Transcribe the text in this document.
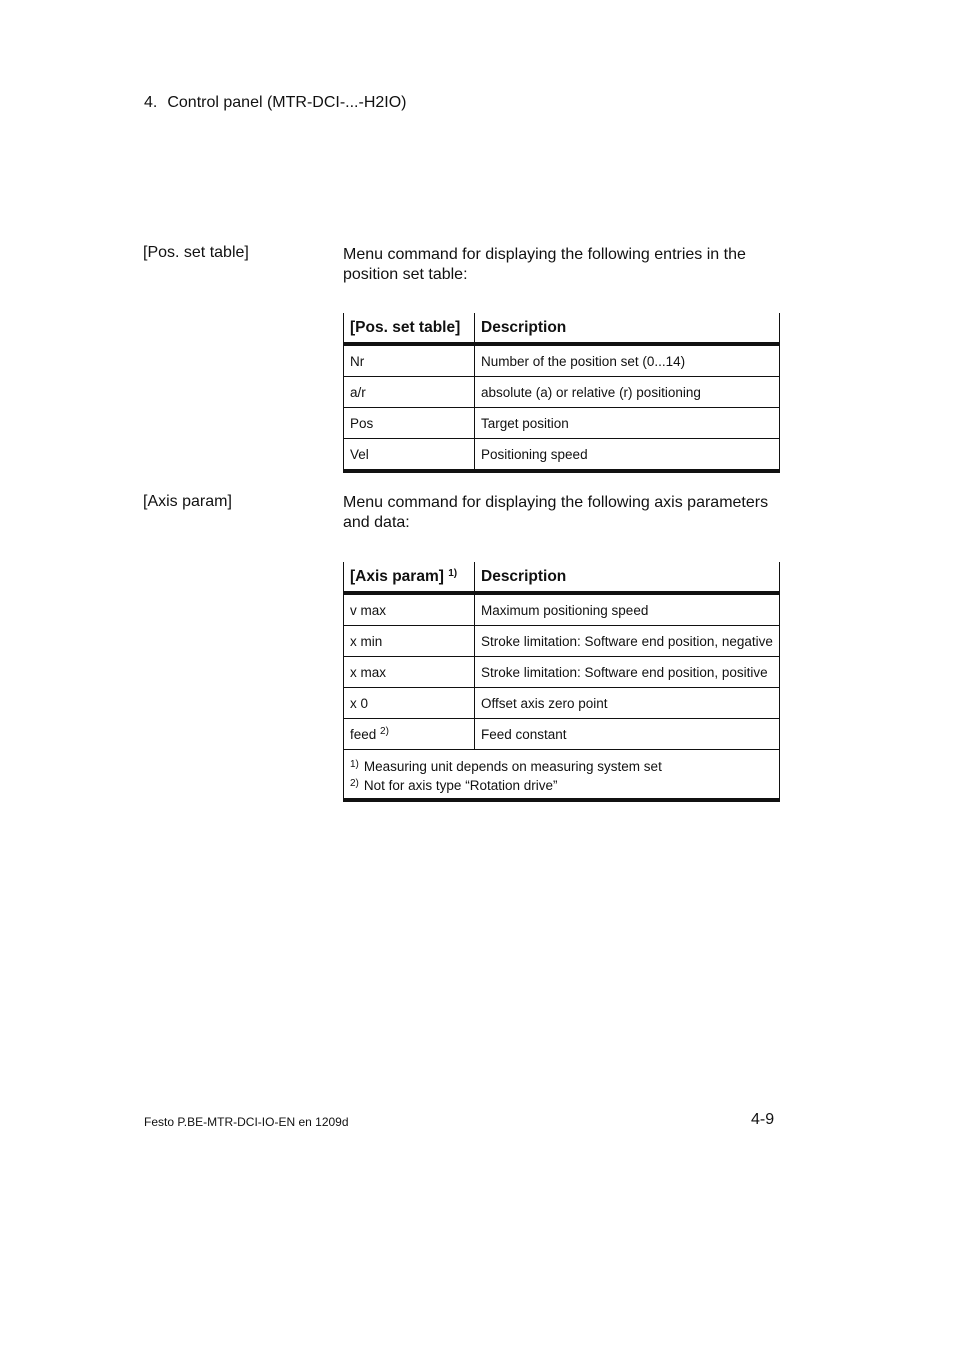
4. Control panel (MTR-DCI-...-H2IO)
[Pos. set table]	Menu command for displaying the following entries in the position set table:
[Pos. set table]	Description
Nr	Number of the position set (0...14)
a/r	absolute (a) or relative (r) positioning
Pos	Target position
Vel	Positioning speed
[Axis param]	Menu command for displaying the following axis parameters and data:
[Axis param] $^{1)}$	Description
v max	Maximum positioning speed
x min	Stroke limitation: Software end position, negative
x max	Stroke limitation: Software end position, positive
x 0	Offset axis zero point
feed $^{2)}$	Feed constant

$^{1)}$ Measuring unit depends on measuring system set
$^{2)}$ Not for axis type “Rotation drive”	
Festo P.BE-MTR-DCI-IO-EN en 1209d	4-9
